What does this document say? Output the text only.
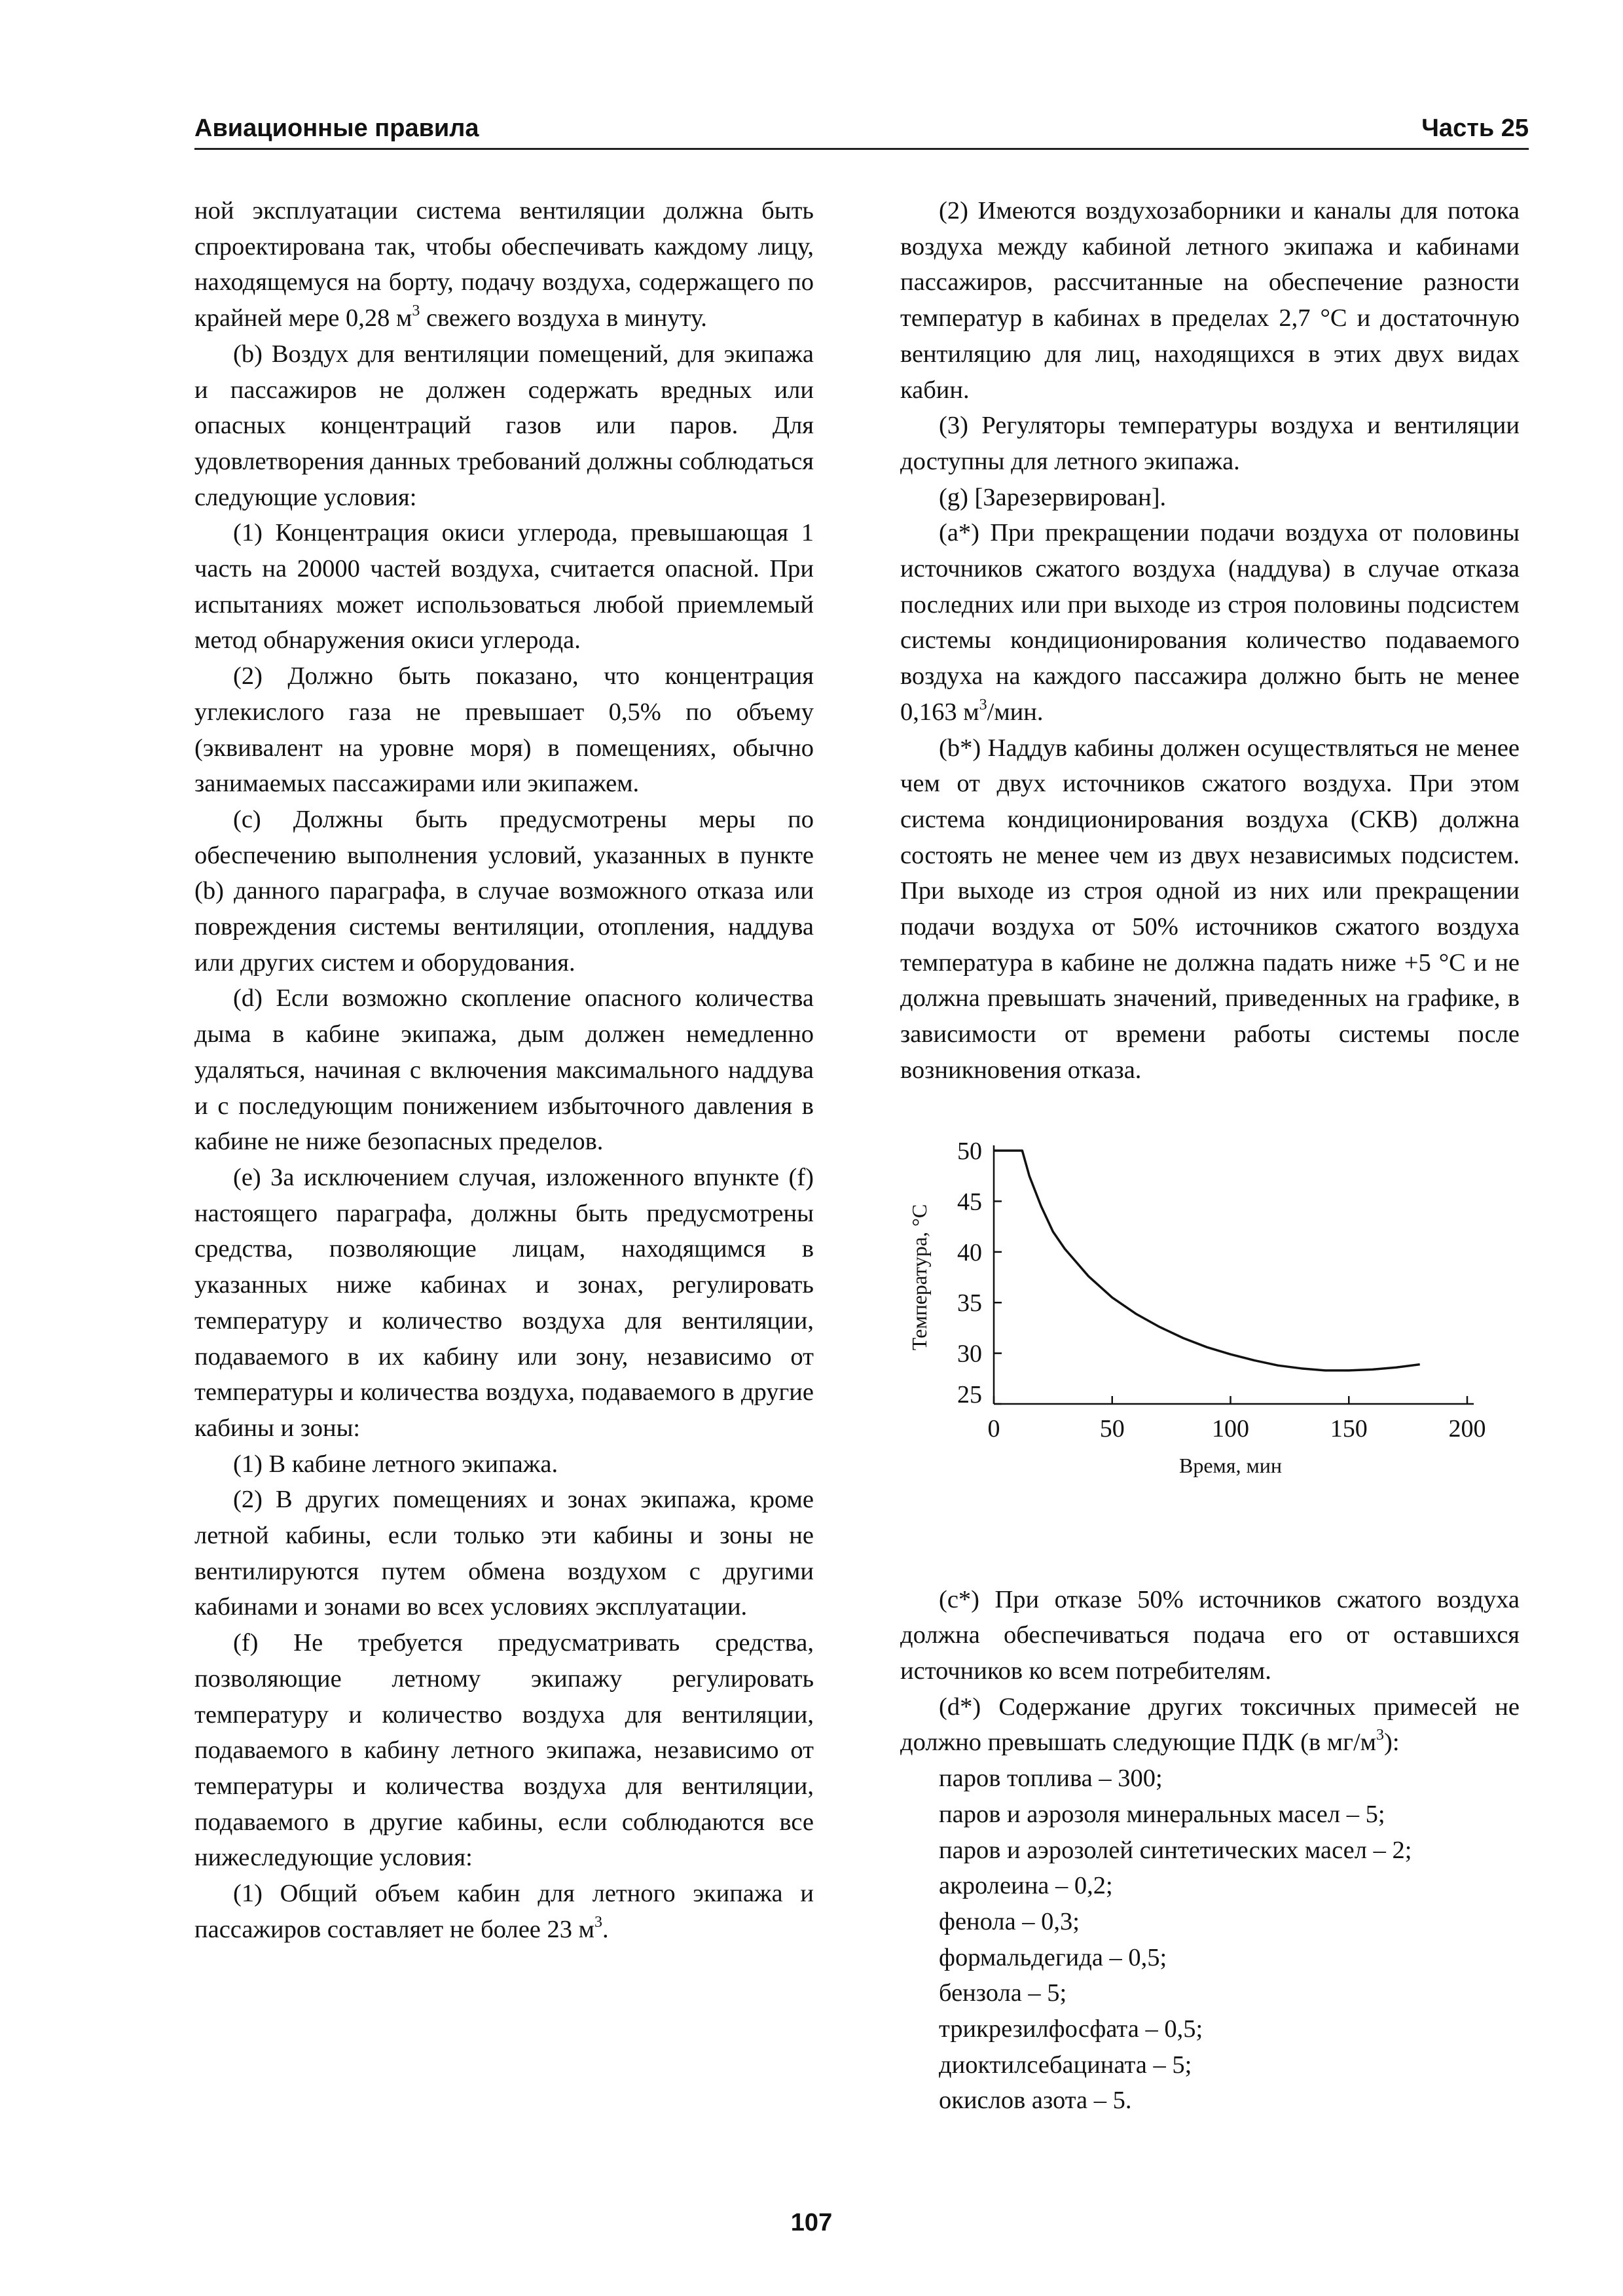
Авиационные правила	Часть 25

ной эксплуатации система вентиляции должна быть спроектирована так, чтобы обеспечивать каждому лицу, находящемуся на борту, подачу воздуха, содержащего по крайней мере 0,28 $м^3$ свежего воздуха в минуту.

(b) Воздух для вентиляции помещений, для экипажа и пассажиров не должен содержать вредных или опасных концентраций газов или паров. Для удовлетворения данных требований должны соблюдаться следующие условия:

(1) Концентрация окиси углерода, превышающая 1 часть на 20000 частей воздуха, считается опасной. При испытаниях может использоваться любой приемлемый метод обнаружения окиси углерода.

(2) Должно быть показано, что концентрация углекислого газа не превышает 0,5% по объему (эквивалент на уровне моря) в помещениях, обычно занимаемых пассажирами или экипажем.

(c) Должны быть предусмотрены меры по обеспечению выполнения условий, указанных в пункте (b) данного параграфа, в случае возможного отказа или повреждения системы вентиляции, отопления, наддува или других систем и оборудования.

(d) Если возможно скопление опасного количества дыма в кабине экипажа, дым должен немедленно удаляться, начиная с включения максимального наддува и с последующим понижением избыточного давления в кабине не ниже безопасных пределов.

(e) За исключением случая, изложенного впункте (f) настоящего параграфа, должны быть предусмотрены средства, позволяющие лицам, находящимся в указанных ниже кабинах и зонах, регулировать температуру и количество воздуха для вентиляции, подаваемого в их кабину или зону, независимо от температуры и количества воздуха, подаваемого в другие кабины и зоны:

(1) В кабине летного экипажа.

(2) В других помещениях и зонах экипажа, кроме летной кабины, если только эти кабины и зоны не вентилируются путем обмена воздухом с другими кабинами и зонами во всех условиях эксплуатации.

(f) Не требуется предусматривать средства, позволяющие летному экипажу регулировать температуру и количество воздуха для вентиляции, подаваемого в кабину летного экипажа, независимо от температуры и количества воздуха для вентиляции, подаваемого в другие кабины, если соблюдаются все нижеследующие условия:

(1) Общий объем кабин для летного экипажа и пассажиров составляет не более 23 $м^3$.

(2) Имеются воздухозаборники и каналы для потока воздуха между кабиной летного экипажа и кабинами пассажиров, рассчитанные на обеспечение разности температур в кабинах в пределах 2,7 °С и достаточную вентиляцию для лиц, находящихся в этих двух видах кабин.

(3) Регуляторы температуры воздуха и вентиляции доступны для летного экипажа.

(g) [Зарезервирован].

(a*) При прекращении подачи воздуха от половины источников сжатого воздуха (наддува) в случае отказа последних или при выходе из строя половины подсистем системы кондиционирования количество подаваемого воздуха на каждого пассажира должно быть не менее 0,163 $м^3$/мин.

(b*) Наддув кабины должен осуществляться не менее чем от двух источников сжатого воздуха. При этом система кондиционирования воздуха (СКВ) должна состоять не менее чем из двух независимых подсистем. При выходе из строя одной из них или прекращении подачи воздуха от 50% источников сжатого воздуха температура в кабине не должна падать ниже +5 °С и не должна превышать значений, приведенных на графике, в зависимости от времени работы системы после возникновения отказа.

25
30
35
40
45
50
0	50	100	150	200
Время, мин
Температура, °С

(c*) При отказе 50% источников сжатого воздуха должна обеспечиваться подача его от оставшихся источников ко всем потребителям.

(d*) Содержание других токсичных примесей не должно превышать следующие ПДК (в $мг/м^3$):

паров топлива – 300;

паров и аэрозоля минеральных масел – 5;

паров и аэрозолей синтетических масел – 2;

акролеина – 0,2;

фенола – 0,3;

формальдегида – 0,5;

бензола – 5;

трикрезилфосфата – 0,5;

диоктилсебацината – 5;

окислов азота – 5.

107
